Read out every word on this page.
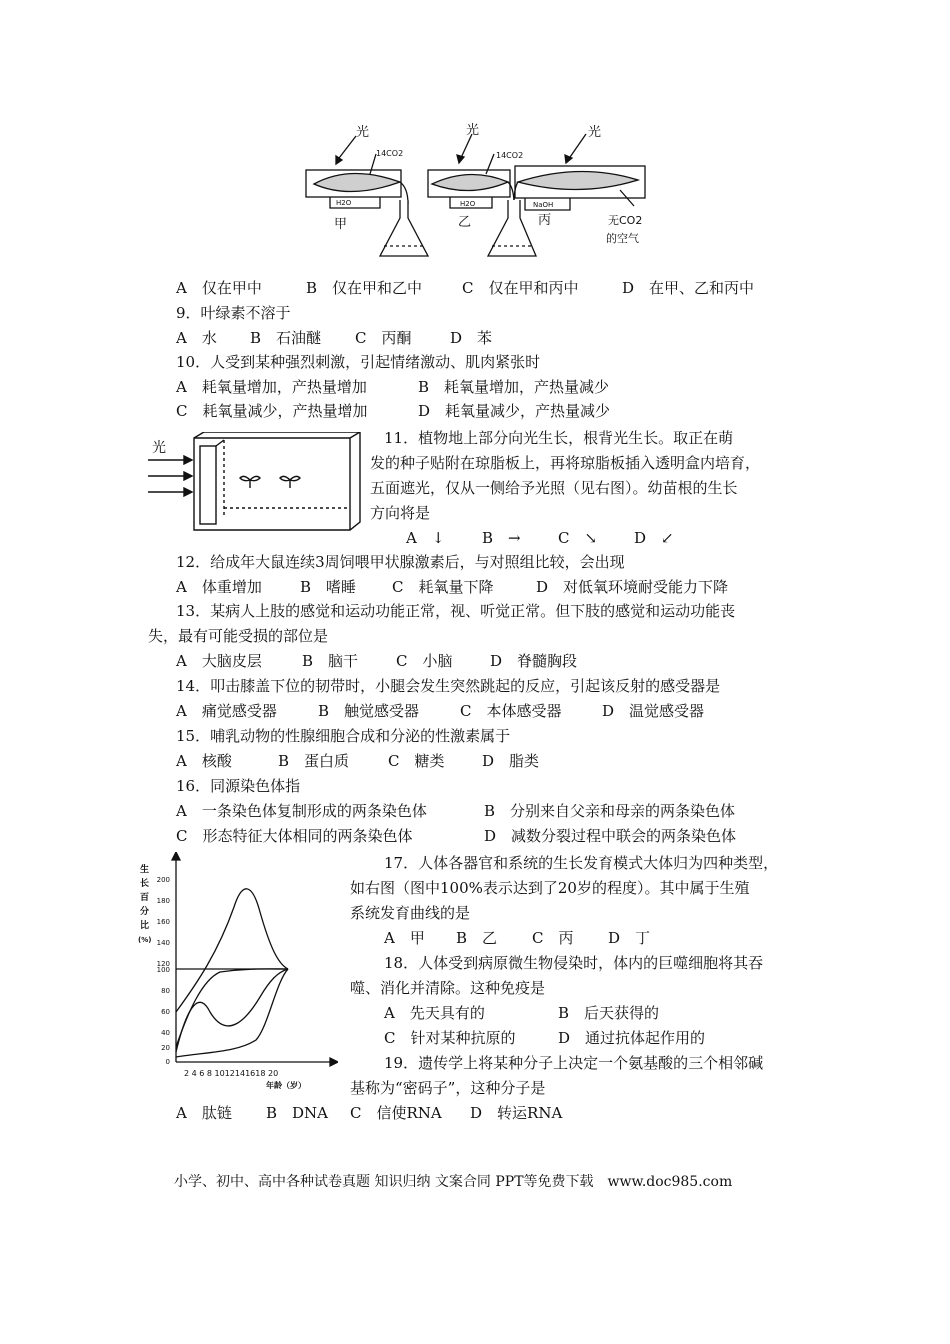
光	光	光
14CO2	14CO2
H2O	H2O	NaOH
甲	乙	丙	无CO2
的空气
A　仅在甲中	B　仅在甲和乙中	C　仅在甲和丙中	D　在甲、乙和丙中
9．叶绿素不溶于
A　水 B　石油醚 C　丙酮	D　苯
10．人受到某种强烈刺激，引起情绪激动、肌肉紧张时
A　耗氧量增加，产热量增加	B　耗氧量增加，产热量减少
C　耗氧量减少，产热量增加	D　耗氧量减少，产热量减少
光
11．植物地上部分向光生长，根背光生长。取正在萌
发的种子贴附在琼脂板上，再将琼脂板插入透明盒内培育，
五面遮光，仅从一侧给予光照（见右图）。幼苗根的生长
方向将是
A　↓	B　→ C　↘ D　↙
12．给成年大鼠连续3周饲喂甲状腺激素后，与对照组比较，会出现
A　体重增加	B　嗜睡 C　耗氧量下降	D　对低氧环境耐受能力下降
13．某病人上肢的感觉和运动功能正常，视、听觉正常。但下肢的感觉和运动功能丧
失，最有可能受损的部位是
A　大脑皮层	B　脑干	C　小脑	D　脊髓胸段
14．叩击膝盖下位的韧带时，小腿会发生突然跳起的反应，引起该反射的感受器是
A　痛觉感受器	B　触觉感受器	C　本体感受器	D　温觉感受器
15．哺乳动物的性腺细胞合成和分泌的性激素属于
A　核酸	B　蛋白质	C　糖类	D　脂类
16．同源染色体指
A　一条染色体复制形成的两条染色体	B　分别来自父亲和母亲的两条染色体
C　形态特征大体相同的两条染色体	D　减数分裂过程中联会的两条染色体
生
长
百
分
比
(%)
200
180
160
140
120
100
80
60
40
20
0
2 4 6 8 1012141618 20
年龄（岁）
17．人体各器官和系统的生长发育模式大体归为四种类型，
如右图（图中100%表示达到了20岁的程度）。其中属于生殖
系统发育曲线的是
A　甲 B　乙 C　丙 D　丁
18．人体受到病原微生物侵染时，体内的巨噬细胞将其吞
噬、消化并清除。这种免疫是
A　先天具有的	B　后天获得的
C　针对某种抗原的	D　通过抗体起作用的
19．遗传学上将某种分子上决定一个氨基酸的三个相邻碱
基称为“密码子”，这种分子是
A　肽链 B　DNA C　信使RNA D　转运RNA
小学、初中、高中各种试卷真题 知识归纳 文案合同 PPT等免费下载　www.doc985.com
